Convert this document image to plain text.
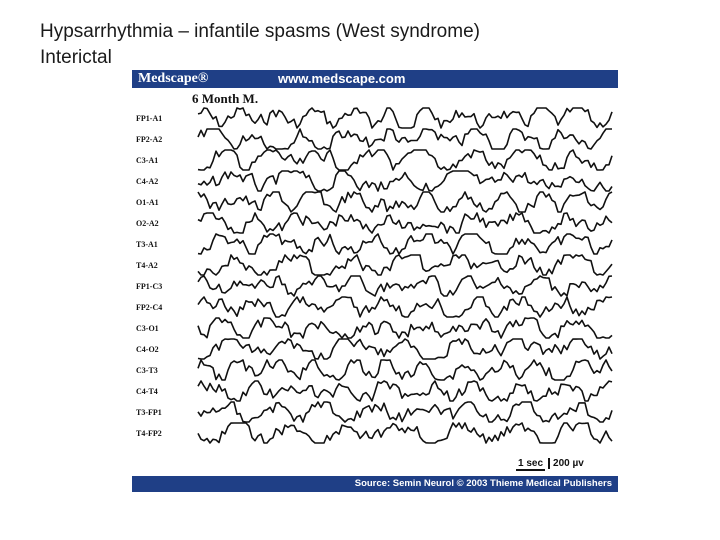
Hypsarrhythmia – infantile spasms (West syndrome)
Interictal
Medscape®	www.medscape.com
6 Month M.
FP1-A1
FP2-A2
C3-A1
C4-A2
O1-A1
O2-A2
T3-A1
T4-A2
FP1-C3
FP2-C4
C3-O1
C4-O2
C3-T3
C4-T4
T3-FP1
T4-FP2
1 sec 200 µv
Source: Semin Neurol © 2003 Thieme Medical Publishers
